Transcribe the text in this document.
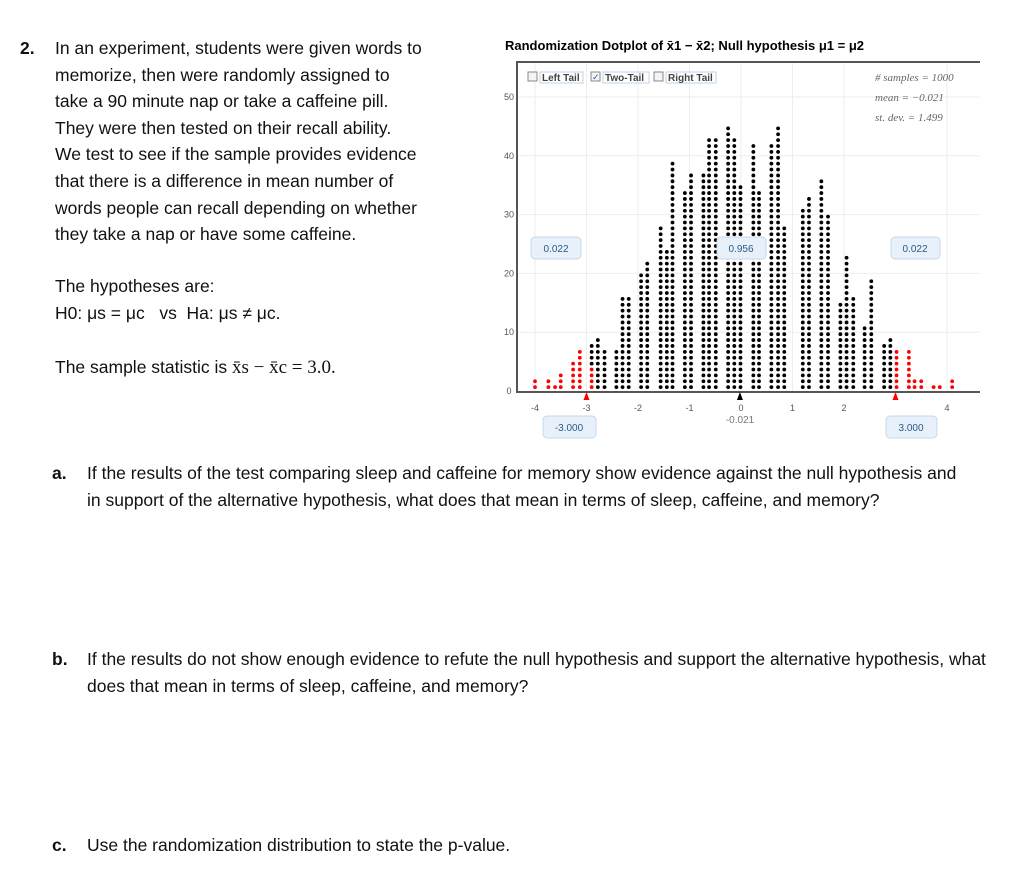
2. In an experiment, students were given words to
memorize, then were randomly assigned to
take a 90 minute nap or take a caffeine pill.
They were then tested on their recall ability.
We test to see if the sample provides evidence
that there is a difference in mean number of
words people can recall depending on whether
they take a nap or have some caffeine.
The hypotheses are:
H0: μs = μc vs Ha: μs ≠ μc.
The sample statistic is x̄s − x̄c = 3.0.
a. If the results of the test comparing sleep and caffeine for memory show evidence against the null hypothesis and in support of the alternative hypothesis, what does that mean in terms of sleep, caffeine, and memory?
b. If the results do not show enough evidence to refute the null hypothesis and support the alternative hypothesis, what does that mean in terms of sleep, caffeine, and memory?
c. Use the randomization distribution to state the p-value.
Randomization Dotplot of x̄1 − x̄2; Null hypothesis μ1 = μ2
0
10
20
30
40
50
-4	-3	-2	-1	0	1	2	4
Left Tail ✓ Two-Tail Right Tail	# samples = 1000
mean = −0.021
st. dev. = 1.499
0.022	0.956	0.022
-3.000	3.000
-0.021
